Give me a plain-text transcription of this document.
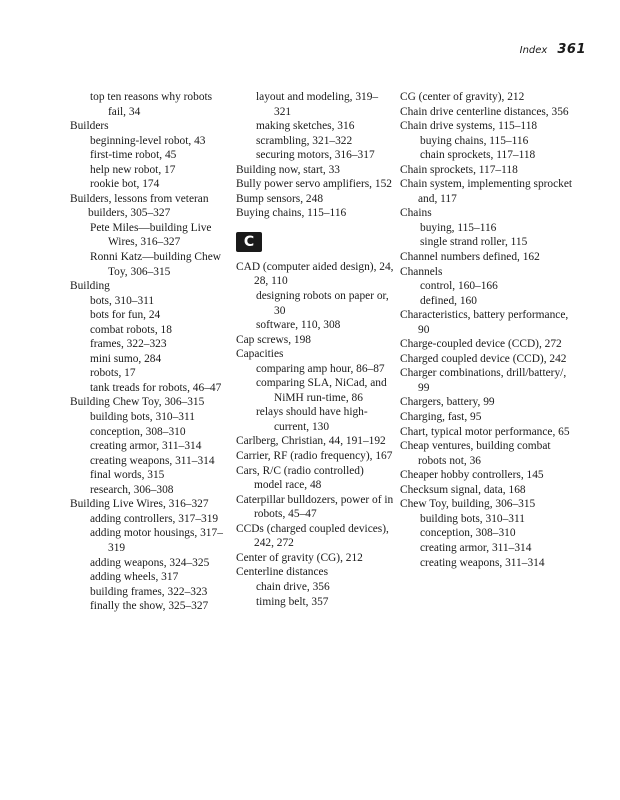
Index 361

top ten reasons why robots fail, 34

Builders

beginning-level robot, 43

first-time robot, 45

help new robot, 17

rookie bot, 174

Builders, lessons from veteran builders, 305–327

Pete Miles—building Live Wires, 316–327

Ronni Katz—building Chew Toy, 306–315

Building

bots, 310–311

bots for fun, 24

combat robots, 18

frames, 322–323

mini sumo, 284

robots, 17

tank treads for robots, 46–47

Building Chew Toy, 306–315

building bots, 310–311

conception, 308–310

creating armor, 311–314

creating weapons, 311–314

final words, 315

research, 306–308

Building Live Wires, 316–327

adding controllers, 317–319

adding motor housings, 317–319

adding weapons, 324–325

adding wheels, 317

building frames, 322–323

finally the show, 325–327

layout and modeling, 319–321

making sketches, 316

scrambling, 321–322

securing motors, 316–317

Building now, start, 33

Bully power servo amplifiers, 152

Bump sensors, 248

Buying chains, 115–116

C

CAD (computer aided design), 24, 28, 110

designing robots on paper or, 30

software, 110, 308

Cap screws, 198

Capacities

comparing amp hour, 86–87

comparing SLA, NiCad, and NiMH run-time, 86

relays should have high-current, 130

Carlberg, Christian, 44, 191–192

Carrier, RF (radio frequency), 167

Cars, R/C (radio controlled) model race, 48

Caterpillar bulldozers, power of in robots, 45–47

CCDs (charged coupled devices), 242, 272

Center of gravity (CG), 212

Centerline distances

chain drive, 356

timing belt, 357

CG (center of gravity), 212

Chain drive centerline distances, 356

Chain drive systems, 115–118

buying chains, 115–116

chain sprockets, 117–118

Chain sprockets, 117–118

Chain system, implementing sprocket and, 117

Chains

buying, 115–116

single strand roller, 115

Channel numbers defined, 162

Channels

control, 160–166

defined, 160

Characteristics, battery performance, 90

Charge-coupled device (CCD), 272

Charged coupled device (CCD), 242

Charger combinations, drill/battery/, 99

Chargers, battery, 99

Charging, fast, 95

Chart, typical motor performance, 65

Cheap ventures, building combat robots not, 36

Cheaper hobby controllers, 145

Checksum signal, data, 168

Chew Toy, building, 306–315

building bots, 310–311

conception, 308–310

creating armor, 311–314

creating weapons, 311–314
